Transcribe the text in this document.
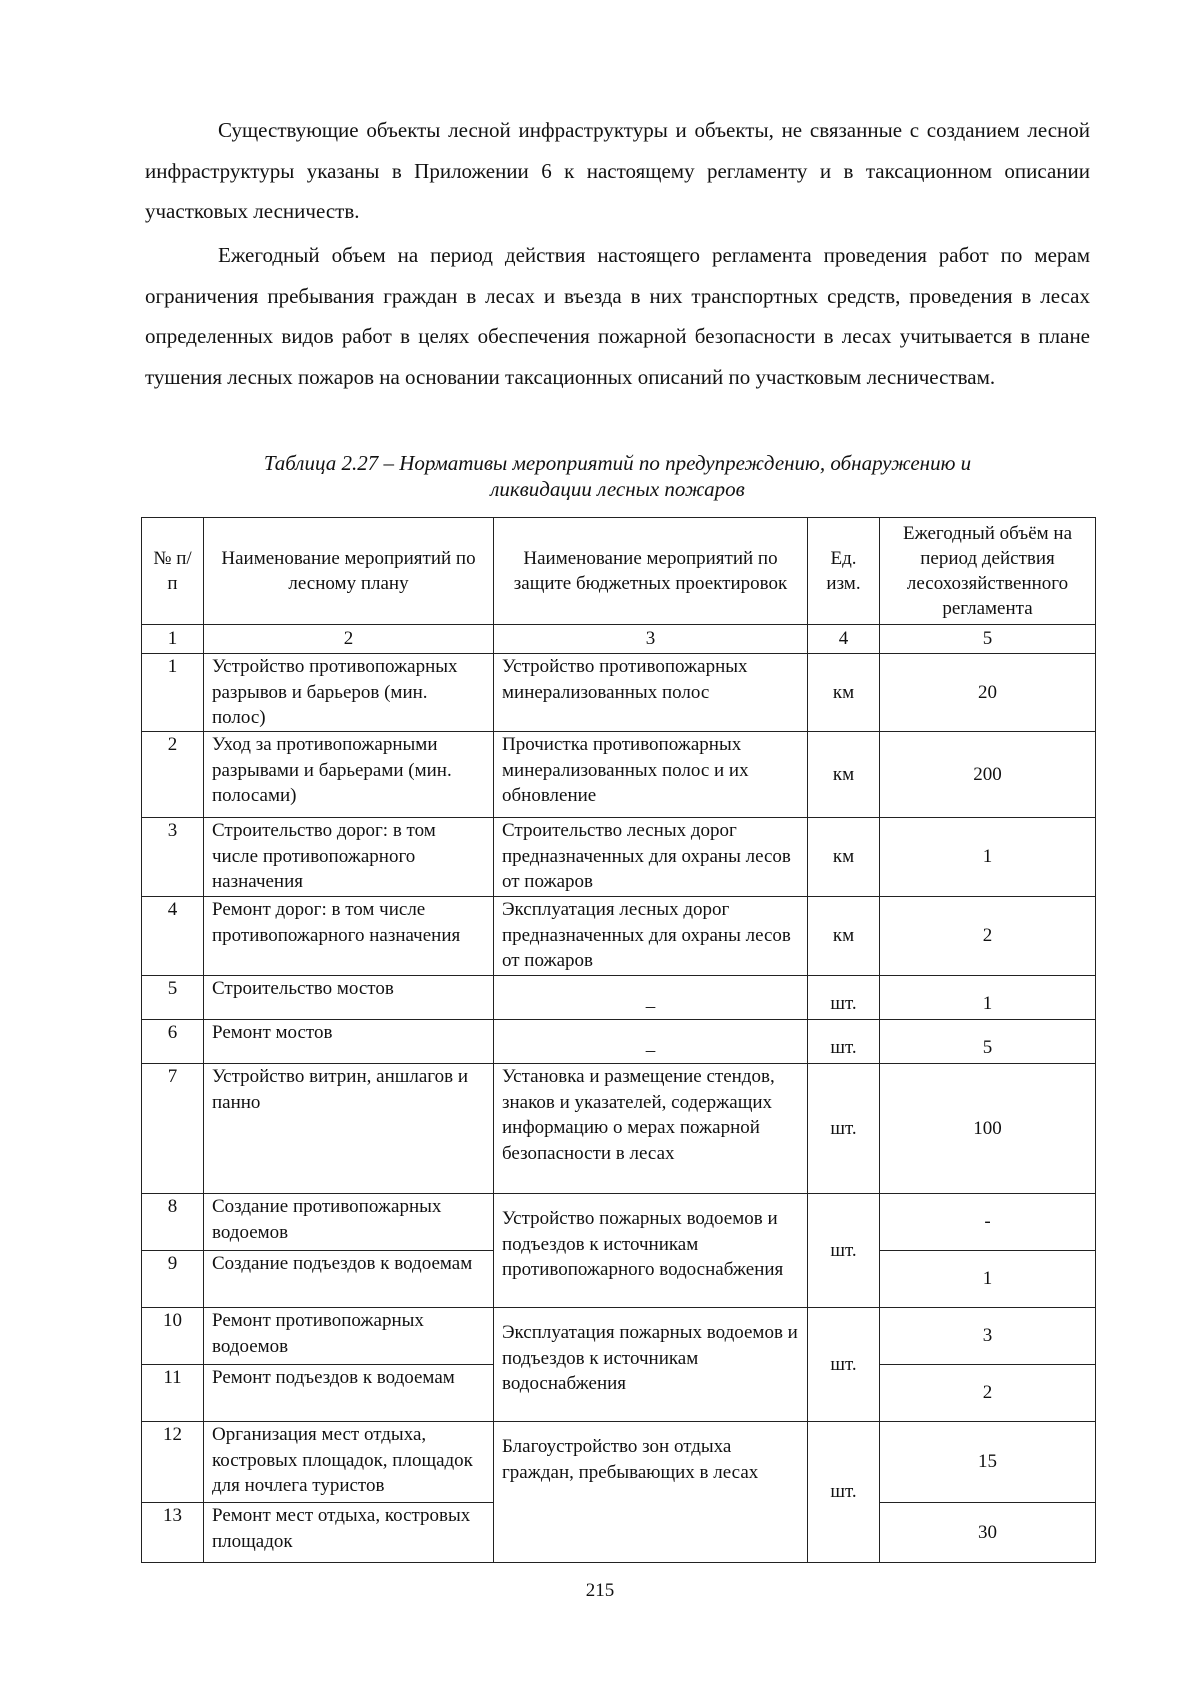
Существующие объекты лесной инфраструктуры и объекты, не связанные с созданием лесной инфраструктуры указаны в Приложении 6 к настоящему регламенту и в таксационном описании участковых лесничеств.

Ежегодный объем на период действия настоящего регламента проведения работ по мерам ограничения пребывания граждан в лесах и въезда в них транспортных средств, проведения в лесах определенных видов работ в целях обеспечения пожарной безопасности в лесах учитывается в плане тушения лесных пожаров на основании таксационных описаний по участковым лесничествам.

Таблица 2.27 – Нормативы мероприятий по предупреждению, обнаружению и
ликвидации лесных пожаров
№ п/п	Наименование мероприятий по лесному плану	Наименование мероприятий по защите бюджетных проектировок	Ед. изм.	Ежегодный объём на период действия лесохозяйственного регламента
1	2	3	4	5
1	Устройство противопожарных разрывов и барьеров (мин. полос)	Устройство противопожарных минерализованных полос	км	20
2	Уход за противопожарными разрывами и барьерами (мин. полосами)	Прочистка противопожарных минерализованных полос и их обновление	км	200
3	Строительство дорог: в том числе противопожарного назначения	Строительство лесных дорог предназначенных для охраны лесов от пожаров	км	1
4	Ремонт дорог: в том числе противопожарного назначения	Эксплуатация лесных дорог предназначенных для охраны лесов от пожаров	км	2
5	Строительство мостов	–	шт.	1
6	Ремонт мостов	–	шт.	5
7	Устройство витрин, аншлагов и панно	Установка и размещение стендов, знаков и указателей, содержащих информацию о мерах пожарной безопасности в лесах	шт.	100
8	Создание противопожарных водоемов	Устройство пожарных водоемов и подъездов к источникам противопожарного водоснабжения	шт.	-
9	Создание подъездов к водоемам			1
10	Ремонт противопожарных водоемов	Эксплуатация пожарных водоемов и подъездов к источникам водоснабжения	шт.	3
11	Ремонт подъездов к водоемам			2
12	Организация мест отдыха, костровых площадок, площадок для ночлега туристов	Благоустройство зон отдыха граждан, пребывающих в лесах	шт.	15
13	Ремонт мест отдыха, костровых площадок			30
215
